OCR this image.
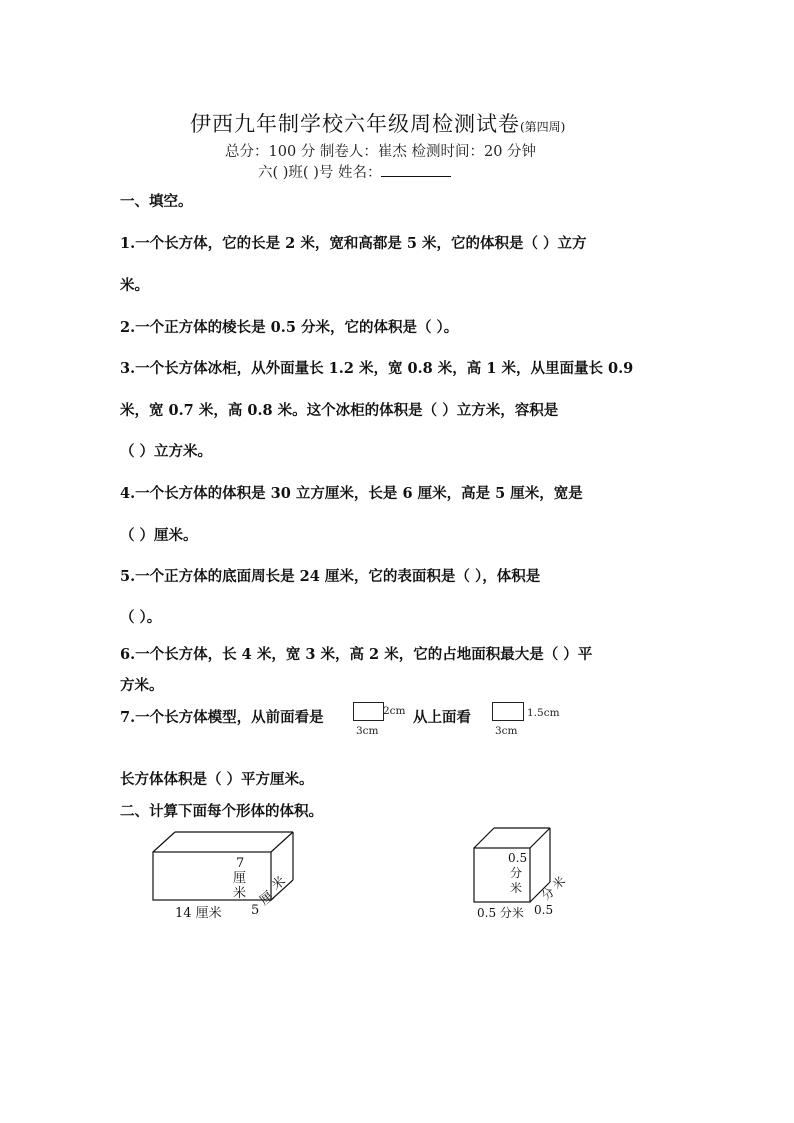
伊西九年制学校六年级周检测试卷(第四周)
总分：100 分 制卷人：崔杰 检测时间：20 分钟
六( )班( )号 姓名：
一、填空。
1.一个长方体，它的长是 2 米，宽和高都是 5 米，它的体积是（ ）立方
米。
2.一个正方体的棱长是 0.5 分米，它的体积是（ ）。
3.一个长方体冰柜，从外面量长 1.2 米，宽 0.8 米，高 1 米，从里面量长 0.9
米，宽 0.7 米，高 0.8 米。这个冰柜的体积是（ ）立方米，容积是
（ ）立方米。
4.一个长方体的体积是 30 立方厘米，长是 6 厘米，高是 5 厘米，宽是
（ ）厘米。
5.一个正方体的底面周长是 24 厘米，它的表面积是（ ），体积是
（ ）。
6.一个长方体，长 4 米，宽 3 米，高 2 米，它的占地面积最大是（ ）平
方米。
7.一个长方体模型，从前面看是	2cm
3cm
从上面看	1.5cm
3cm
长方体体积是（ ）平方厘米。
二、计算下面每个形体的体积。
7
厘
米
14 厘米 5
厘
米
0.5
分
米
0.5 分米 0.5
分
米
